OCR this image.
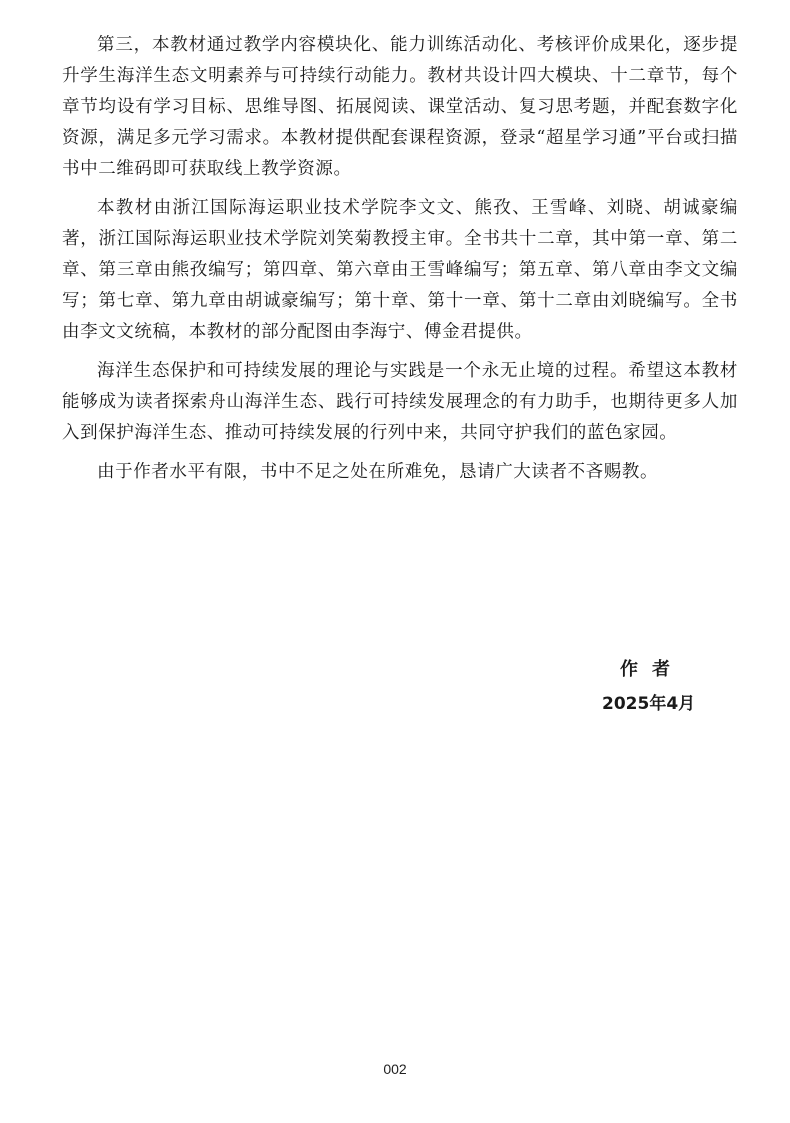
第三，本教材通过教学内容模块化、能力训练活动化、考核评价成果化，逐步提升学生海洋生态文明素养与可持续行动能力。教材共设计四大模块、十二章节，每个章节均设有学习目标、思维导图、拓展阅读、课堂活动、复习思考题，并配套数字化资源，满足多元学习需求。本教材提供配套课程资源，登录“超星学习通”平台或扫描书中二维码即可获取线上教学资源。

本教材由浙江国际海运职业技术学院李文文、熊孜、王雪峰、刘晓、胡诚豪编著，浙江国际海运职业技术学院刘笑菊教授主审。全书共十二章，其中第一章、第二章、第三章由熊孜编写；第四章、第六章由王雪峰编写；第五章、第八章由李文文编写；第七章、第九章由胡诚豪编写；第十章、第十一章、第十二章由刘晓编写。全书由李文文统稿，本教材的部分配图由李海宁、傅金君提供。

海洋生态保护和可持续发展的理论与实践是一个永无止境的过程。希望这本教材能够成为读者探索舟山海洋生态、践行可持续发展理念的有力助手，也期待更多人加入到保护海洋生态、推动可持续发展的行列中来，共同守护我们的蓝色家园。

由于作者水平有限，书中不足之处在所难免，恳请广大读者不吝赐教。

作者
2025年4月
002
